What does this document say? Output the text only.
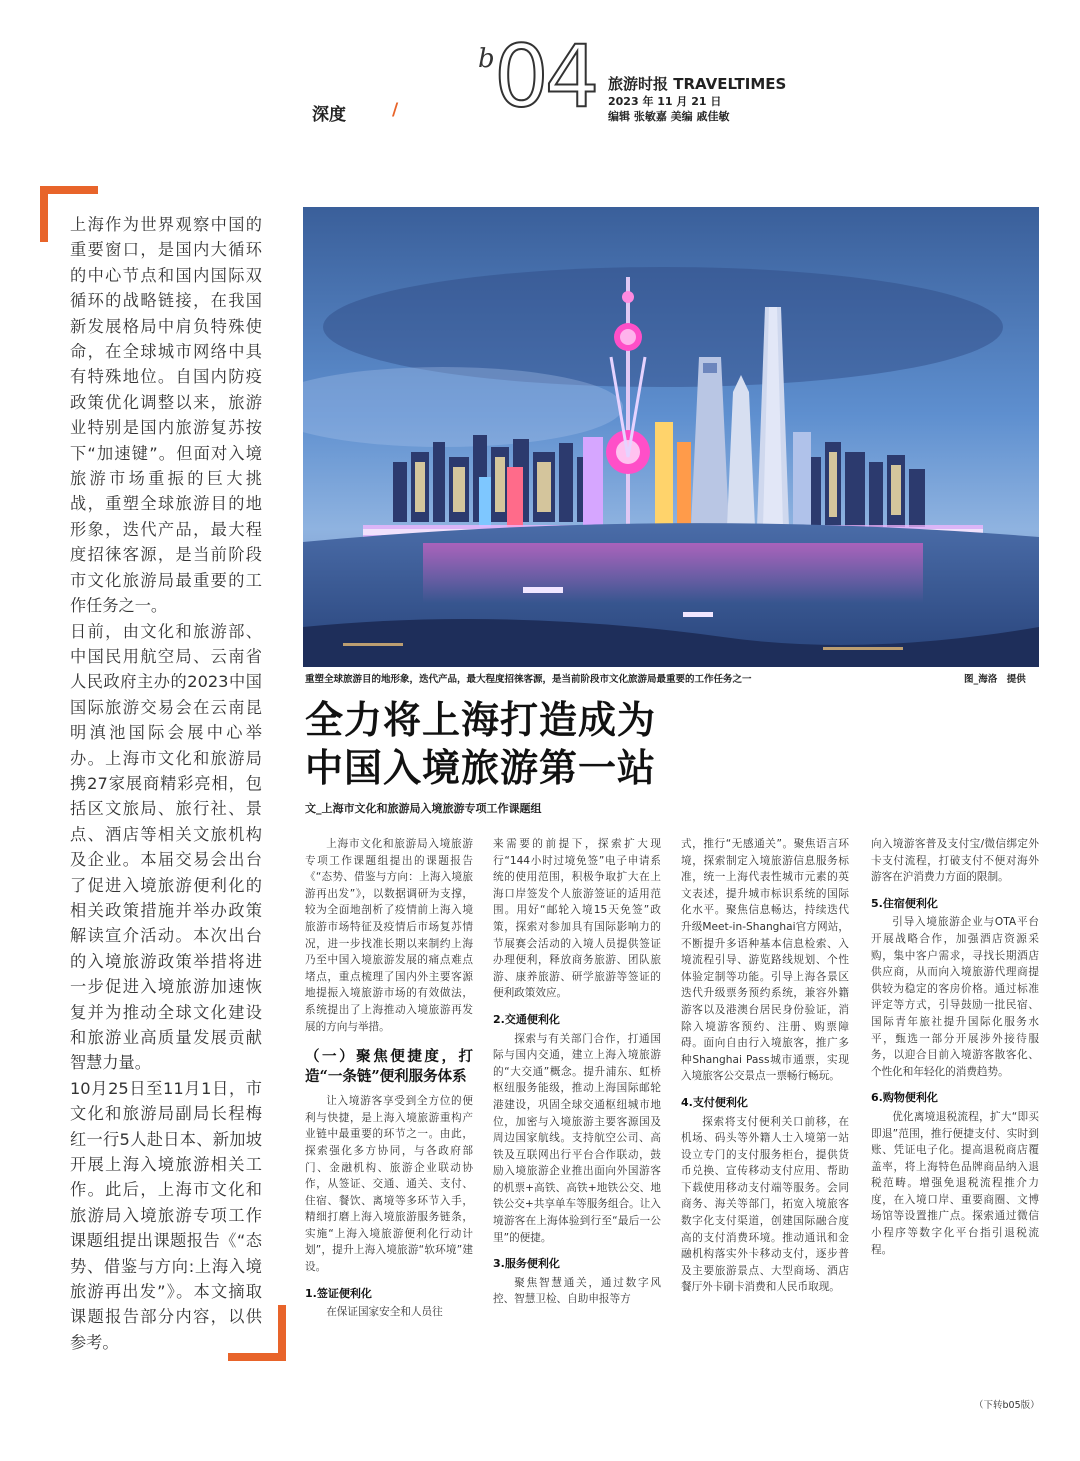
深度	/
b 04 旅游时报 TRAVELTIMES
2023 年 11 月 21 日
编辑 张敏嘉 美编 戚佳敏

上海作为世界观察中国的重要窗口，是国内大循环的中心节点和国内国际双循环的战略链接，在我国新发展格局中肩负特殊使命，在全球城市网络中具有特殊地位。自国内防疫政策优化调整以来，旅游业特别是国内旅游复苏按下“加速键”。但面对入境旅游市场重振的巨大挑战，重塑全球旅游目的地形象，迭代产品，最大程度招徕客源，是当前阶段市文化旅游局最重要的工作任务之一。

日前，由文化和旅游部、中国民用航空局、云南省人民政府主办的2023中国国际旅游交易会在云南昆明滇池国际会展中心举办。上海市文化和旅游局携27家展商精彩亮相，包括区文旅局、旅行社、景点、酒店等相关文旅机构及企业。本届交易会出台了促进入境旅游便利化的相关政策措施并举办政策解读宣介活动。本次出台的入境旅游政策举措将进一步促进入境旅游加速恢复并为推动全球文化建设和旅游业高质量发展贡献智慧力量。

10月25日至11月1日，市文化和旅游局副局长程梅红一行5人赴日本、新加坡开展上海入境旅游相关工作。此后，上海市文化和旅游局入境旅游专项工作课题组提出课题报告《“态势、借鉴与方向:上海入境旅游再出发”》。本文摘取课题报告部分内容，以供参考。

重塑全球旅游目的地形象，迭代产品，最大程度招徕客源，是当前阶段市文化旅游局最重要的工作任务之一	图_海洛　提供
全力将上海打造成为
中国入境旅游第一站
文_上海市文化和旅游局入境旅游专项工作课题组

上海市文化和旅游局入境旅游专项工作课题组提出的课题报告《“态势、借鉴与方向：上海入境旅游再出发”》，以数据调研为支撑，较为全面地剖析了疫情前上海入境旅游市场特征及疫情后市场复苏情况，进一步找准长期以来制约上海乃至中国入境旅游发展的痛点难点堵点，重点梳理了国内外主要客源地提振入境旅游市场的有效做法，系统提出了上海推动入境旅游再发展的方向与举措。

（一）聚焦便捷度，打造“一条链”便利服务体系

让入境游客享受到全方位的便利与快捷，是上海入境旅游重构产业链中最重要的环节之一。由此，探索强化多方协同，与各政府部门、金融机构、旅游企业联动协作，从签证、交通、通关、支付、住宿、餐饮、离境等多环节入手，精细打磨上海入境旅游服务链条，实施“上海入境旅游便利化行动计划”，提升上海入境旅游“软环境”建设。

1.签证便利化

在保证国家安全和人员往

来需要的前提下，探索扩大现行“144小时过境免签”电子申请系统的使用范围，积极争取扩大在上海口岸签发个人旅游签证的适用范围。用好“邮轮入境15天免签”政策，探索对参加具有国际影响力的节展赛会活动的入境人员提供签证办理便利，释放商务旅游、团队旅游、康养旅游、研学旅游等签证的便利政策效应。

2.交通便利化

探索与有关部门合作，打通国际与国内交通，建立上海入境旅游的“大交通”概念。提升浦东、虹桥枢纽服务能级，推动上海国际邮轮港建设，巩固全球交通枢纽城市地位，加密与入境旅游主要客源国及周边国家航线。支持航空公司、高铁及互联网出行平台合作联动，鼓励入境旅游企业推出面向外国游客的机票+高铁、高铁+地铁公交、地铁公交+共享单车等服务组合。让入境游客在上海体验到行至“最后一公里”的便捷。

3.服务便利化

聚焦智慧通关，通过数字风控、智慧卫检、自助申报等方

式，推行“无感通关”。聚焦语言环境，探索制定入境旅游信息服务标准，统一上海代表性城市元素的英文表述，提升城市标识系统的国际化水平。聚焦信息畅达，持续迭代升级Meet-in-Shanghai官方网站，不断提升多语种基本信息检索、入境流程引导、游览路线规划、个性体验定制等功能。引导上海各景区迭代升级票务预约系统，兼容外籍游客以及港澳台居民身份验证，消除入境游客预约、注册、购票障碍。面向自由行入境旅客，推广多种Shanghai Pass城市通票，实现入境旅客公交景点一票畅行畅玩。

4.支付便利化

探索将支付便利关口前移，在机场、码头等外籍人士入境第一站设立专门的支付服务柜台，提供货币兑换、宣传移动支付应用、帮助下载使用移动支付端等服务。会同商务、海关等部门，拓宽入境旅客数字化支付渠道，创建国际融合度高的支付消费环境。推动通讯和金融机构落实外卡移动支付，逐步普及主要旅游景点、大型商场、酒店餐厅外卡刷卡消费和人民币取现。

向入境游客普及支付宝/微信绑定外卡支付流程，打破支付不便对海外游客在沪消费力方面的限制。

5.住宿便利化

引导入境旅游企业与OTA平台开展战略合作，加强酒店资源采购，集中客户需求，寻找长期酒店供应商，从而向入境旅游代理商提供较为稳定的客房价格。通过标准评定等方式，引导鼓励一批民宿、国际青年旅社提升国际化服务水平，甄选一部分开展涉外接待服务，以迎合目前入境游客散客化、个性化和年轻化的消费趋势。

6.购物便利化

优化离境退税流程，扩大“即买即退”范围，推行便捷支付、实时到账、凭证电子化。提高退税商店覆盖率，将上海特色品牌商品纳入退税范畴。增强免退税流程推介力度，在入境口岸、重要商圈、文博场馆等设置推广点。探索通过微信小程序等数字化平台指引退税流程。

（下转b05版）
